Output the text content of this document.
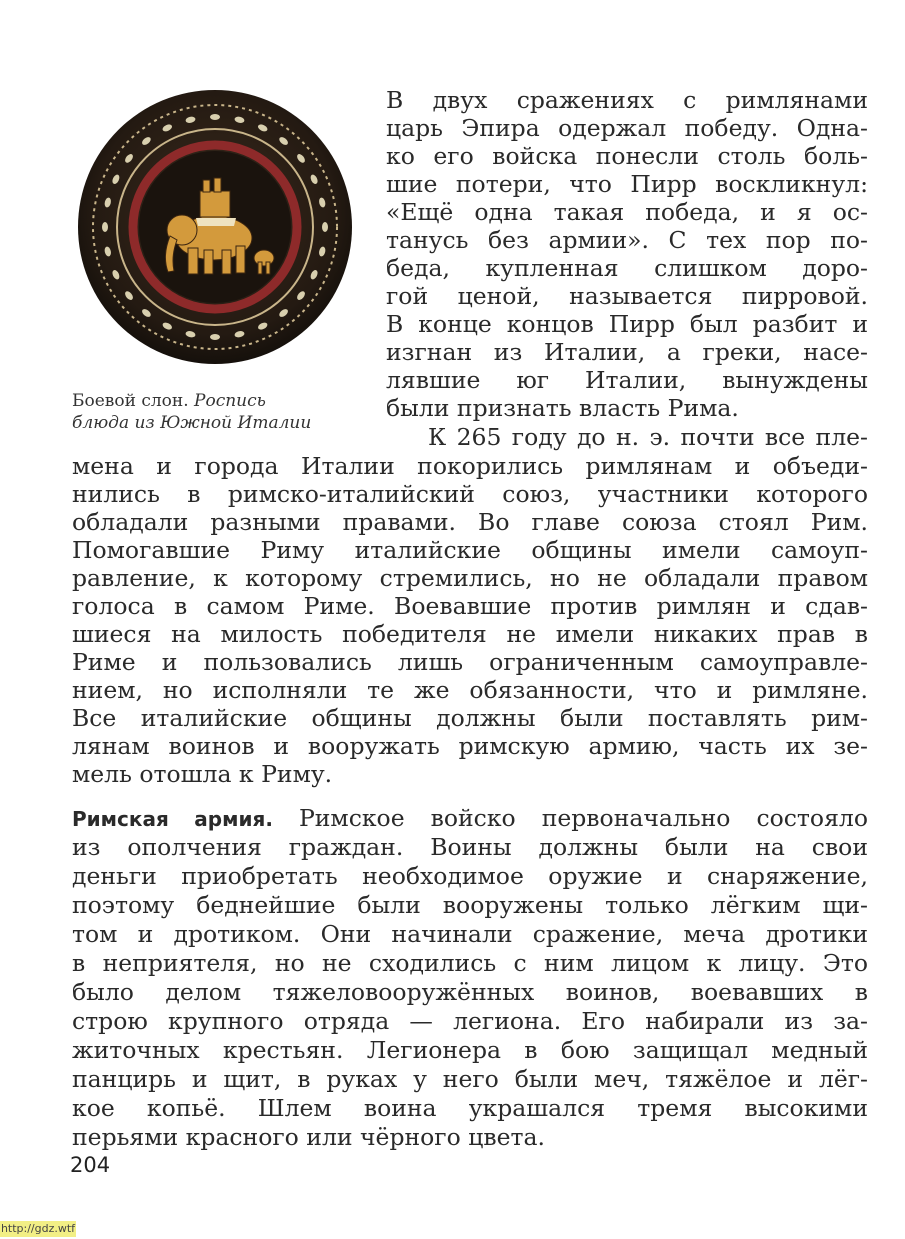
Боевой слон. Роспись
блюда из Южной Италии

В двух сражениях с римлянами

царь Эпира одержал победу. Одна-

ко его войска понесли столь боль-

шие потери, что Пирр воскликнул:

«Ещё одна такая победа, и я ос-

танусь без армии». С тех пор по-

беда, купленная слишком доро-

гой ценой, называется пирровой.

В конце концов Пирр был разбит и

изгнан из Италии, а греки, насе-

лявшие юг Италии, вынуждены

были признать власть Рима.

К 265 году до н. э. почти все пле-

мена и города Италии покорились римлянам и объеди-

нились в римско-италийский союз, участники которого

обладали разными правами. Во главе союза стоял Рим.

Помогавшие Риму италийские общины имели самоуп-

равление, к которому стремились, но не обладали правом

голоса в самом Риме. Воевавшие против римлян и сдав-

шиеся на милость победителя не имели никаких прав в

Риме и пользовались лишь ограниченным самоуправле-

нием, но исполняли те же обязанности, что и римляне.

Все италийские общины должны были поставлять рим-

лянам воинов и вооружать римскую армию, часть их зе-

мель отошла к Риму.

Римская армия. Римское войско первоначально состояло

из ополчения граждан. Воины должны были на свои

деньги приобретать необходимое оружие и снаряжение,

поэтому беднейшие были вооружены только лёгким щи-

том и дротиком. Они начинали сражение, меча дротики

в неприятеля, но не сходились с ним лицом к лицу. Это

было делом тяжеловооружённых воинов, воевавших в

строю крупного отряда — легиона. Его набирали из за-

житочных крестьян. Легионера в бою защищал медный

панцирь и щит, в руках у него были меч, тяжёлое и лёг-

кое копьё. Шлем воина украшался тремя высокими

перьями красного или чёрного цвета.

204
http://gdz.wtf
